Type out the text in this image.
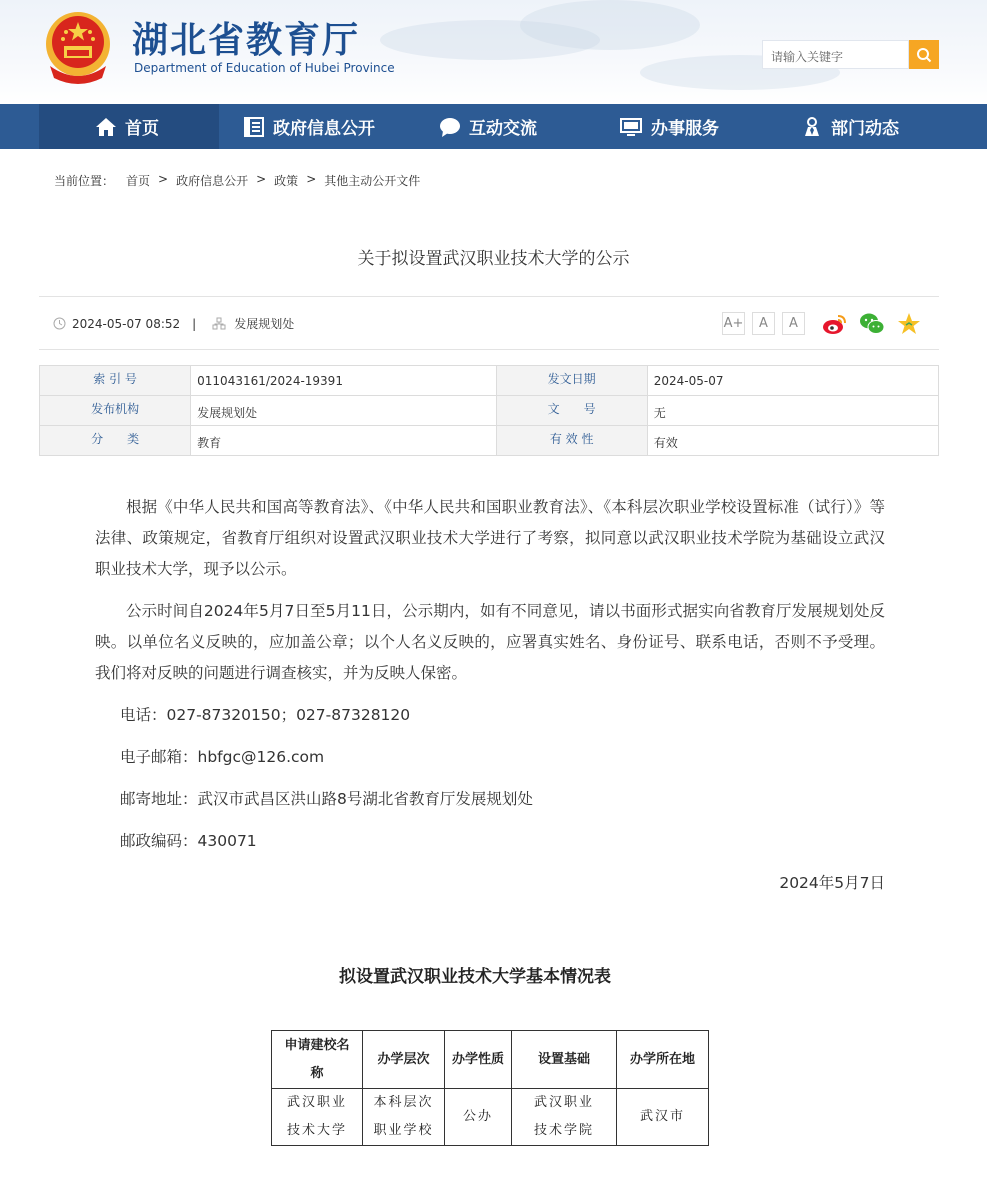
湖北省教育厅
Department of Education of Hubei Province
请输入关键字
首页	政府信息公开	互动交流	办事服务	部门动态
当前位置： 首页 > 政府信息公开 > 政策 > 其他主动公开文件
关于拟设置武汉职业技术大学的公示
2024-05-07 08:52 |	发展规划处	A+	A	A
索 引 号	011043161/2024-19391	发文日期	2024-05-07
发布机构	发展规划处	文　　号	无
分　　类	教育	有 效 性	有效

根据《中华人民共和国高等教育法》、《中华人民共和国职业教育法》、《本科层次职业学校设置标准（试行）》等法律、政策规定，省教育厅组织对设置武汉职业技术大学进行了考察，拟同意以武汉职业技术学院为基础设立武汉职业技术大学，现予以公示。

公示时间自2024年5月7日至5月11日，公示期内，如有不同意见，请以书面形式据实向省教育厅发展规划处反映。以单位名义反映的，应加盖公章；以个人名义反映的，应署真实姓名、身份证号、联系电话，否则不予受理。我们将对反映的问题进行调查核实，并为反映人保密。

电话：027-87320150；027-87328120

电子邮箱：hbfgc@126.com

邮寄地址：武汉市武昌区洪山路8号湖北省教育厅发展规划处

邮政编码：430071

2024年5月7日

拟设置武汉职业技术大学基本情况表
申请建校名称	办学层次	办学性质	设置基础	办学所在地
武汉职业技术大学	本科层次职业学校	公办	武汉职业技术学院	武汉市
